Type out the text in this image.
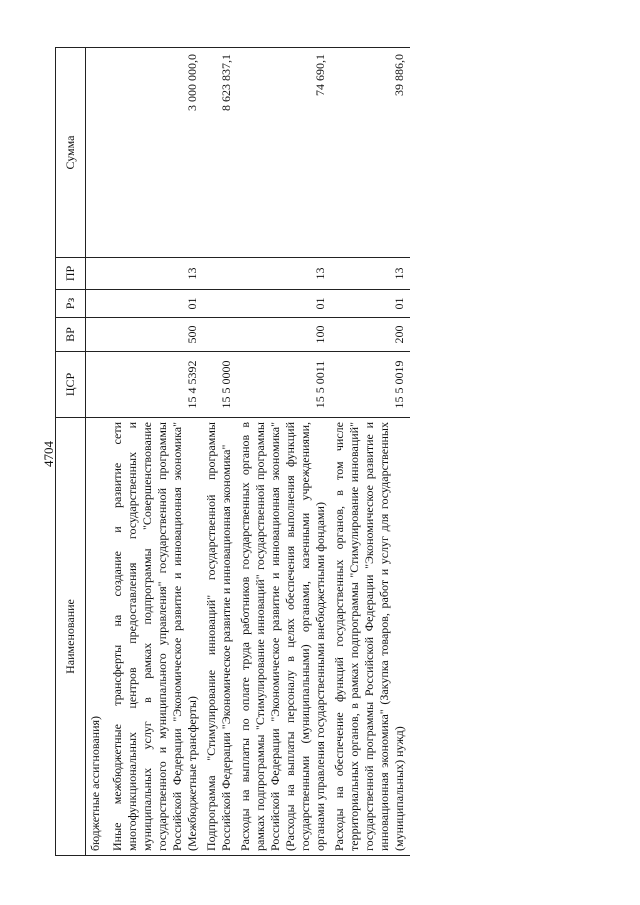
4704
Наименование	ЦСР	ВР	Рз	ПР	Сумма
бюджетные ассигнования)					
Иные межбюджетные трансферты на создание и развитие сети многофункциональных центров предоставления государственных и муниципальных услуг в рамках подпрограммы "Совершенствование государственного и муниципального управления" государственной программы Российской Федерации "Экономическое развитие и инновационная экономика" (Межбюджетные трансферты)	15 4 5392	500	01	13	3 000 000,0
Подпрограмма "Стимулирование инноваций" государственной программы Российской Федерации "Экономическое развитие и инновационная экономика"	15 5 0000				8 623 837,1
Расходы на выплаты по оплате труда работников государственных органов в рамках подпрограммы "Стимулирование инноваций" государственной программы Российской Федерации "Экономическое развитие и инновационная экономика" (Расходы на выплаты персоналу в целях обеспечения выполнения функций государственными (муниципальными) органами, казенными учреждениями, органами управления государственными внебюджетными фондами)	15 5 0011	100	01	13	74 690,1
Расходы на обеспечение функций государственных органов, в том числе территориальных органов, в рамках подпрограммы "Стимулирование инноваций" государственной программы Российской Федерации "Экономическое развитие и инновационная экономика" (Закупка товаров, работ и услуг для государственных (муниципальных) нужд)	15 5 0019	200	01	13	39 886,0
